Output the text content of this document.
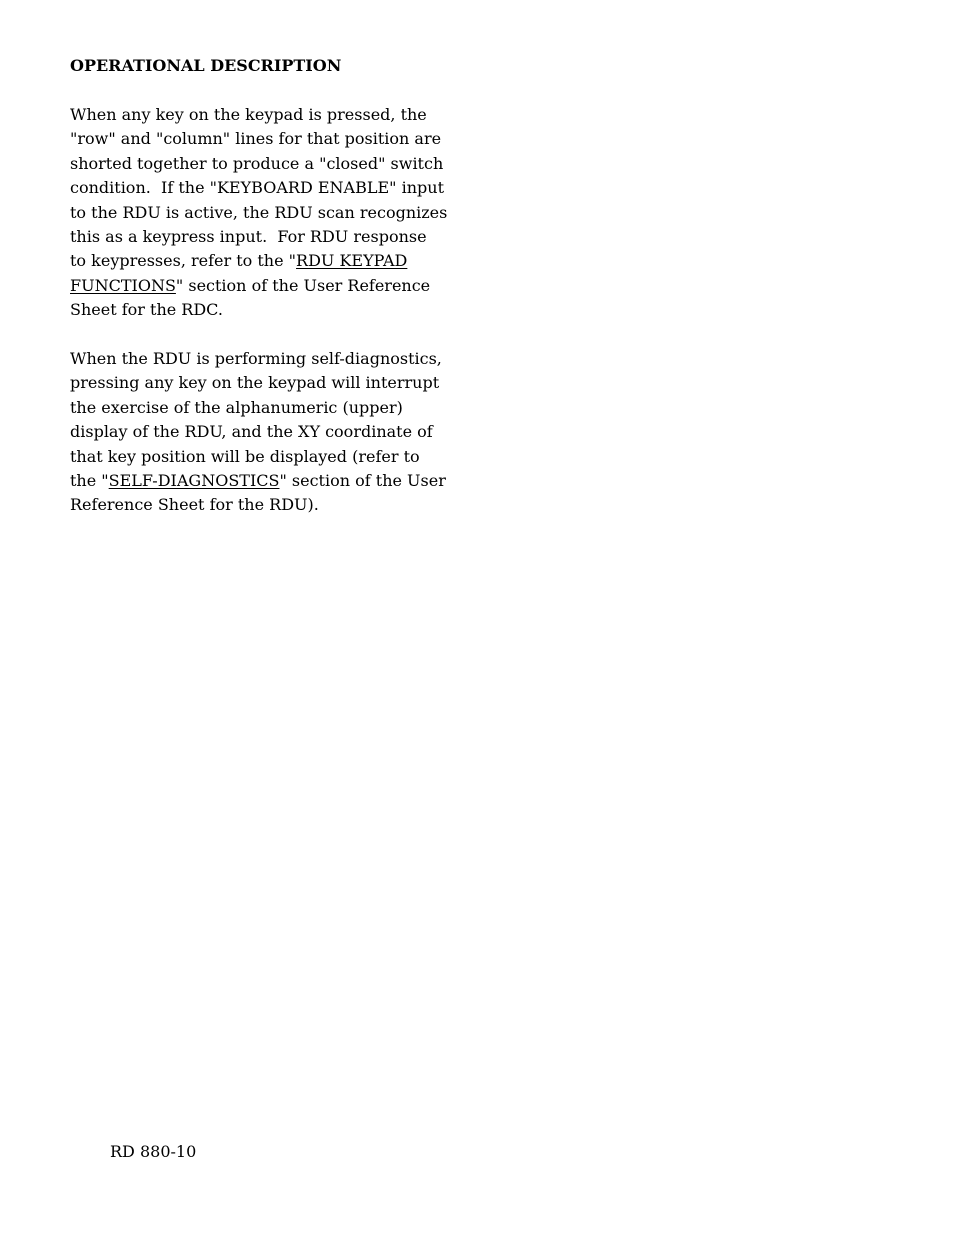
OPERATIONAL DESCRIPTION

When any key on the keypad is pressed, the
"row" and "column" lines for that position are
shorted together to produce a "closed" switch
condition.  If the "KEYBOARD ENABLE" input
to the RDU is active, the RDU scan recognizes
this as a keypress input.  For RDU response
to keypresses, refer to the "RDU KEYPAD
FUNCTIONS" section of the User Reference
Sheet for the RDC.

When the RDU is performing self-diagnostics,
pressing any key on the keypad will interrupt
the exercise of the alphanumeric (upper)
display of the RDU, and the XY coordinate of
that key position will be displayed (refer to
the "SELF-DIAGNOSTICS" section of the User
Reference Sheet for the RDU).

RD 880-10
